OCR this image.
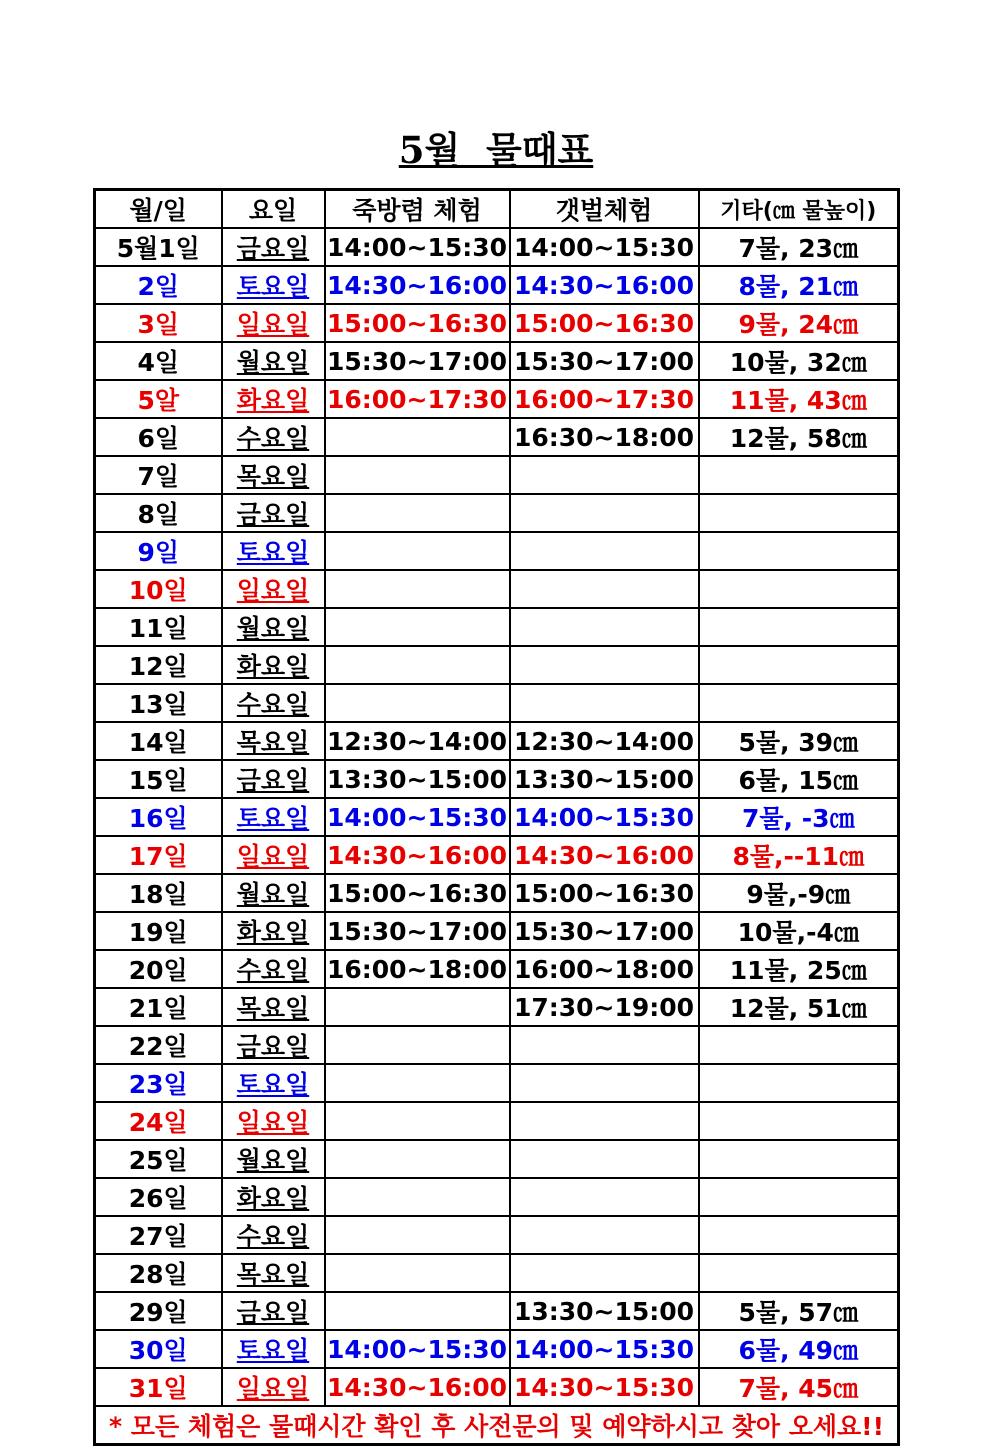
5월  물때표
월/일	요일	죽방렴 체험	갯벌체험	기타(㎝ 물높이)
5월1일	금요일	14:00~15:30	14:00~15:30	7물, 23㎝
2일	토요일	14:30~16:00	14:30~16:00	8물, 21㎝
3일	일요일	15:00~16:30	15:00~16:30	9물, 24㎝
4일	월요일	15:30~17:00	15:30~17:00	10물, 32㎝
5알	화요일	16:00~17:30	16:00~17:30	11물, 43㎝
6일	수요일		16:30~18:00	12물, 58㎝
7일	목요일			
8일	금요일			
9일	토요일			
10일	일요일			
11일	월요일			
12일	화요일			
13일	수요일			
14일	목요일	12:30~14:00	12:30~14:00	5물, 39㎝
15일	금요일	13:30~15:00	13:30~15:00	6물, 15㎝
16일	토요일	14:00~15:30	14:00~15:30	7물, -3㎝
17일	일요일	14:30~16:00	14:30~16:00	8물,--11㎝
18일	월요일	15:00~16:30	15:00~16:30	9물,-9㎝
19일	화요일	15:30~17:00	15:30~17:00	10물,-4㎝
20일	수요일	16:00~18:00	16:00~18:00	11물, 25㎝
21일	목요일		17:30~19:00	12물, 51㎝
22일	금요일			
23일	토요일			
24일	일요일			
25일	월요일			
26일	화요일			
27일	수요일			
28일	목요일			
29일	금요일		13:30~15:00	5물, 57㎝
30일	토요일	14:00~15:30	14:00~15:30	6물, 49㎝
31일	일요일	14:30~16:00	14:30~15:30	7물, 45㎝
* 모든 체험은 물때시간 확인 후 사전문의 및 예약하시고 찾아 오세요!!				
